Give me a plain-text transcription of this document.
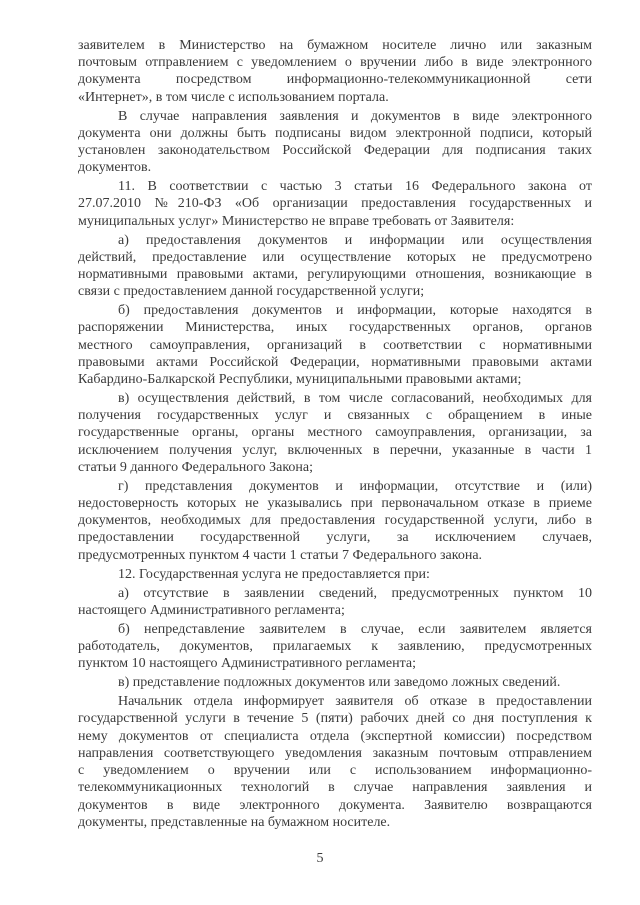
заявителем в Министерство на бумажном носителе лично или заказным
почтовым отправлением с уведомлением о вручении либо в виде электронного
документа посредством информационно-телекоммуникационной сети
«Интернет», в том числе с использованием портала.
В случае направления заявления и документов в виде электронного
документа они должны быть подписаны видом электронной подписи, который
установлен законодательством Российской Федерации для подписания таких
документов.
11. В соответствии с частью 3 статьи 16 Федерального закона от
27.07.2010 №210-ФЗ «Об организации предоставления государственных и
муниципальных услуг» Министерство не вправе требовать от Заявителя:
а) предоставления документов и информации или осуществления
действий, предоставление или осуществление которых не предусмотрено
нормативными правовыми актами, регулирующими отношения, возникающие в
связи с предоставлением данной государственной услуги;
б) предоставления документов и информации, которые находятся в
распоряжении Министерства, иных государственных органов, органов
местного самоуправления, организаций в соответствии с нормативными
правовыми актами Российской Федерации, нормативными правовыми актами
Кабардино-Балкарской Республики, муниципальными правовыми актами;
в) осуществления действий, в том числе согласований, необходимых для
получения государственных услуг и связанных с обращением в иные
государственные органы, органы местного самоуправления, организации, за
исключением получения услуг, включенных в перечни, указанные в части 1
статьи 9 данного Федерального Закона;
г) представления документов и информации, отсутствие и (или)
недостоверность которых не указывались при первоначальном отказе в приеме
документов, необходимых для предоставления государственной услуги, либо в
предоставлении государственной услуги, за исключением случаев,
предусмотренных пунктом 4 части 1 статьи 7 Федерального закона.
12. Государственная услуга не предоставляется при:
а) отсутствие в заявлении сведений, предусмотренных пунктом 10
настоящего Административного регламента;
б) непредставление заявителем в случае, если заявителем является
работодатель, документов, прилагаемых к заявлению, предусмотренных
пунктом 10 настоящего Административного регламента;
в) представление подложных документов или заведомо ложных сведений.
Начальник отдела информирует заявителя об отказе в предоставлении
государственной услуги в течение 5 (пяти) рабочих дней со дня поступления к
нему документов от специалиста отдела (экспертной комиссии) посредством
направления соответствующего уведомления заказным почтовым отправлением
с уведомлением о вручении или с использованием информационно-
телекоммуникационных технологий в случае направления заявления и
документов в виде электронного документа. Заявителю возвращаются
документы, представленные на бумажном носителе.
5
